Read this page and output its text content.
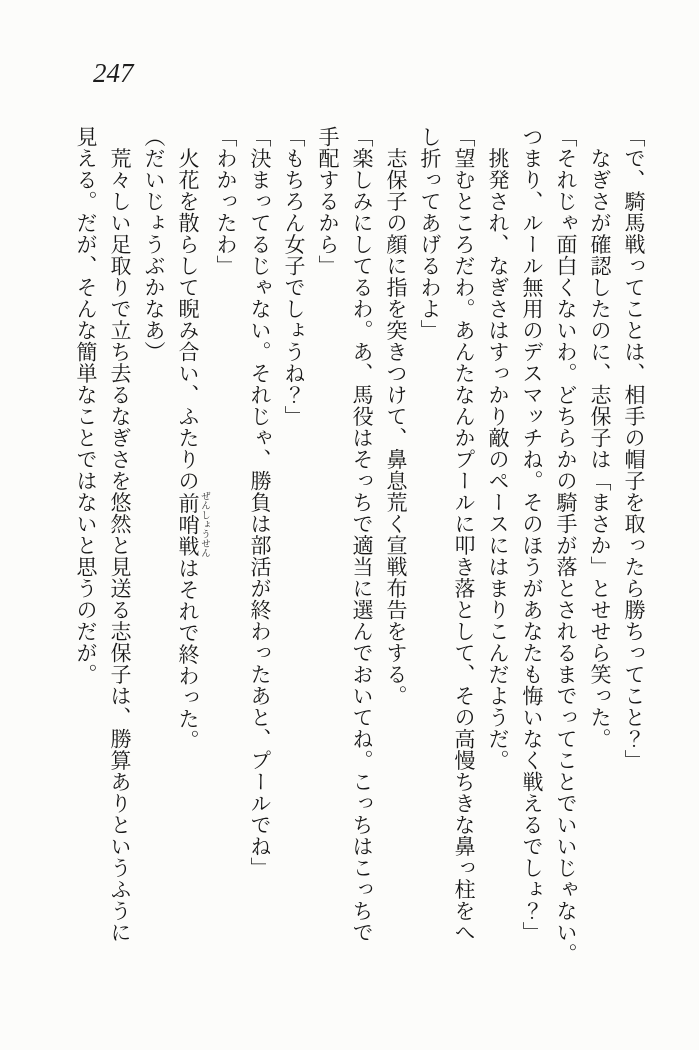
247

「で、騎馬戦ってことは、相手の帽子を取ったら勝ちってこと？」

　なぎさが確認したのに、志保子は「まさか」とせせら笑った。

「それじゃ面白くないわ。どちらかの騎手が落とされるまでってことでいいじゃない。

つまり、ルール無用のデスマッチね。そのほうがあなたも悔いなく戦えるでしょ？」

　挑発され、なぎさはすっかり敵のペースにはまりこんだようだ。

「望むところだわ。あんたなんかプールに叩き落として、その高慢ちきな鼻っ柱をへ

し折ってあげるわよ」

　志保子の顔に指を突きつけて、鼻息荒く宣戦布告をする。

「楽しみにしてるわ。あ、馬役はそっちで適当に選んでおいてね。こっちはこっちで

手配するから」

「もちろん女子でしょうね？」

「決まってるじゃない。それじゃ、勝負は部活が終わったあと、プールでね」

「わかったわ」

　火花を散らして睨み合い、ふたりの前哨戦 ぜんしょうせんはそれで終わった。

（だいじょうぶかなあ）

　荒々しい足取りで立ち去るなぎさを悠然と見送る志保子は、勝算ありというふうに

見える。だが、そんな簡単なことではないと思うのだが。
